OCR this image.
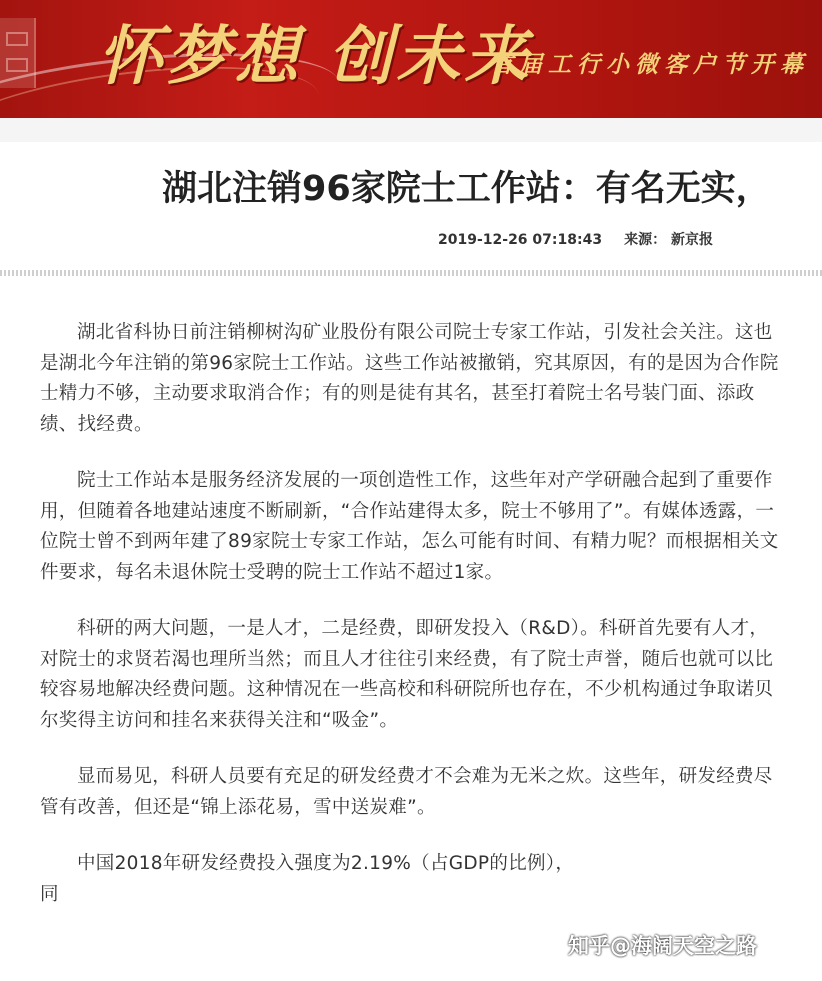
怀梦想 创未来
首届工行小微客户节开幕
湖北注销96家院士工作站：有名无实，
2019-12-26 07:18:43 来源： 新京报

湖北省科协日前注销柳树沟矿业股份有限公司院士专家工作站，引发社会关注。这也是湖北今年注销的第96家院士工作站。这些工作站被撤销，究其原因，有的是因为合作院士精力不够，主动要求取消合作；有的则是徒有其名，甚至打着院士名号装门面、添政绩、找经费。

院士工作站本是服务经济发展的一项创造性工作，这些年对产学研融合起到了重要作用，但随着各地建站速度不断刷新，“合作站建得太多，院士不够用了”。有媒体透露，一位院士曾不到两年建了89家院士专家工作站，怎么可能有时间、有精力呢？而根据相关文件要求，每名未退休院士受聘的院士工作站不超过1家。

科研的两大问题，一是人才，二是经费，即研发投入（R&D）。科研首先要有人才，对院士的求贤若渴也理所当然；而且人才往往引来经费，有了院士声誉，随后也就可以比较容易地解决经费问题。这种情况在一些高校和科研院所也存在，不少机构通过争取诺贝尔奖得主访问和挂名来获得关注和“吸金”。

显而易见，科研人员要有充足的研发经费才不会难为无米之炊。这些年，研发经费尽管有改善，但还是“锦上添花易，雪中送炭难”。

中国2018年研发经费投入强度为2.19%（占GDP的比例），

同

知乎@海阔天空之路
